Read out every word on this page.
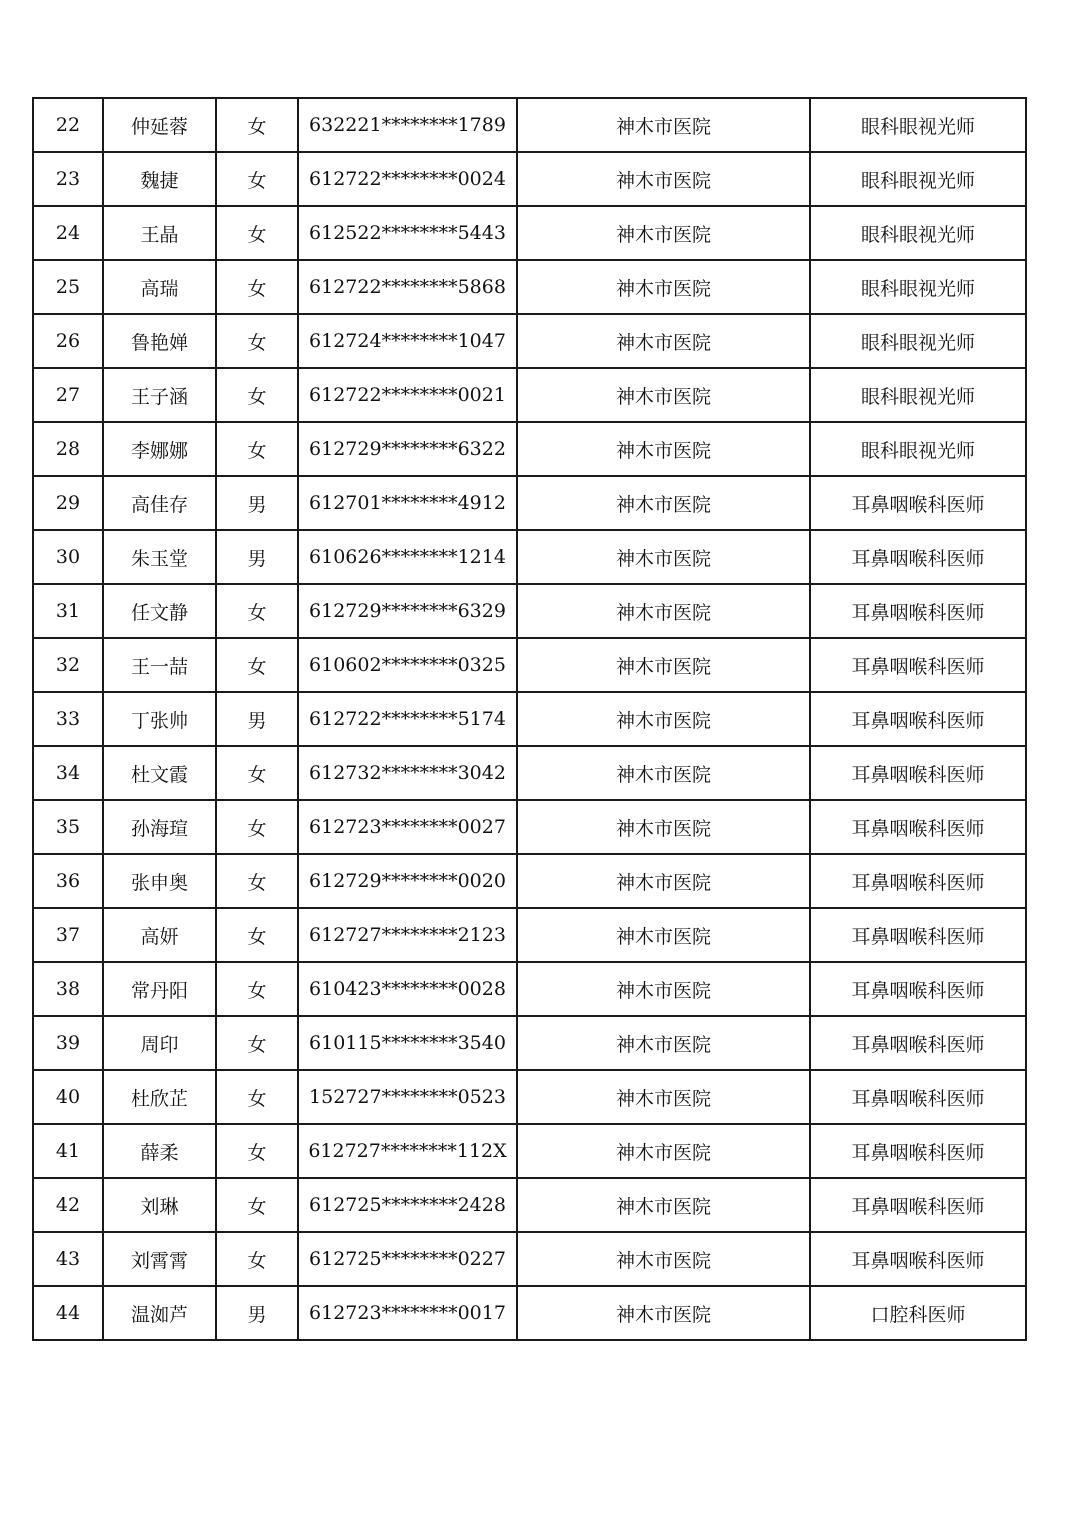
22	仲延蓉	女	632221********1789	神木市医院	眼科眼视光师
23	魏捷	女	612722********0024	神木市医院	眼科眼视光师
24	王晶	女	612522********5443	神木市医院	眼科眼视光师
25	高瑞	女	612722********5868	神木市医院	眼科眼视光师
26	鲁艳婵	女	612724********1047	神木市医院	眼科眼视光师
27	王子涵	女	612722********0021	神木市医院	眼科眼视光师
28	李娜娜	女	612729********6322	神木市医院	眼科眼视光师
29	高佳存	男	612701********4912	神木市医院	耳鼻咽喉科医师
30	朱玉堂	男	610626********1214	神木市医院	耳鼻咽喉科医师
31	任文静	女	612729********6329	神木市医院	耳鼻咽喉科医师
32	王一喆	女	610602********0325	神木市医院	耳鼻咽喉科医师
33	丁张帅	男	612722********5174	神木市医院	耳鼻咽喉科医师
34	杜文霞	女	612732********3042	神木市医院	耳鼻咽喉科医师
35	孙海瑄	女	612723********0027	神木市医院	耳鼻咽喉科医师
36	张申奥	女	612729********0020	神木市医院	耳鼻咽喉科医师
37	高妍	女	612727********2123	神木市医院	耳鼻咽喉科医师
38	常丹阳	女	610423********0028	神木市医院	耳鼻咽喉科医师
39	周印	女	610115********3540	神木市医院	耳鼻咽喉科医师
40	杜欣芷	女	152727********0523	神木市医院	耳鼻咽喉科医师
41	薛柔	女	612727********112X	神木市医院	耳鼻咽喉科医师
42	刘琳	女	612725********2428	神木市医院	耳鼻咽喉科医师
43	刘霄霄	女	612725********0227	神木市医院	耳鼻咽喉科医师
44	温洳芦	男	612723********0017	神木市医院	口腔科医师
